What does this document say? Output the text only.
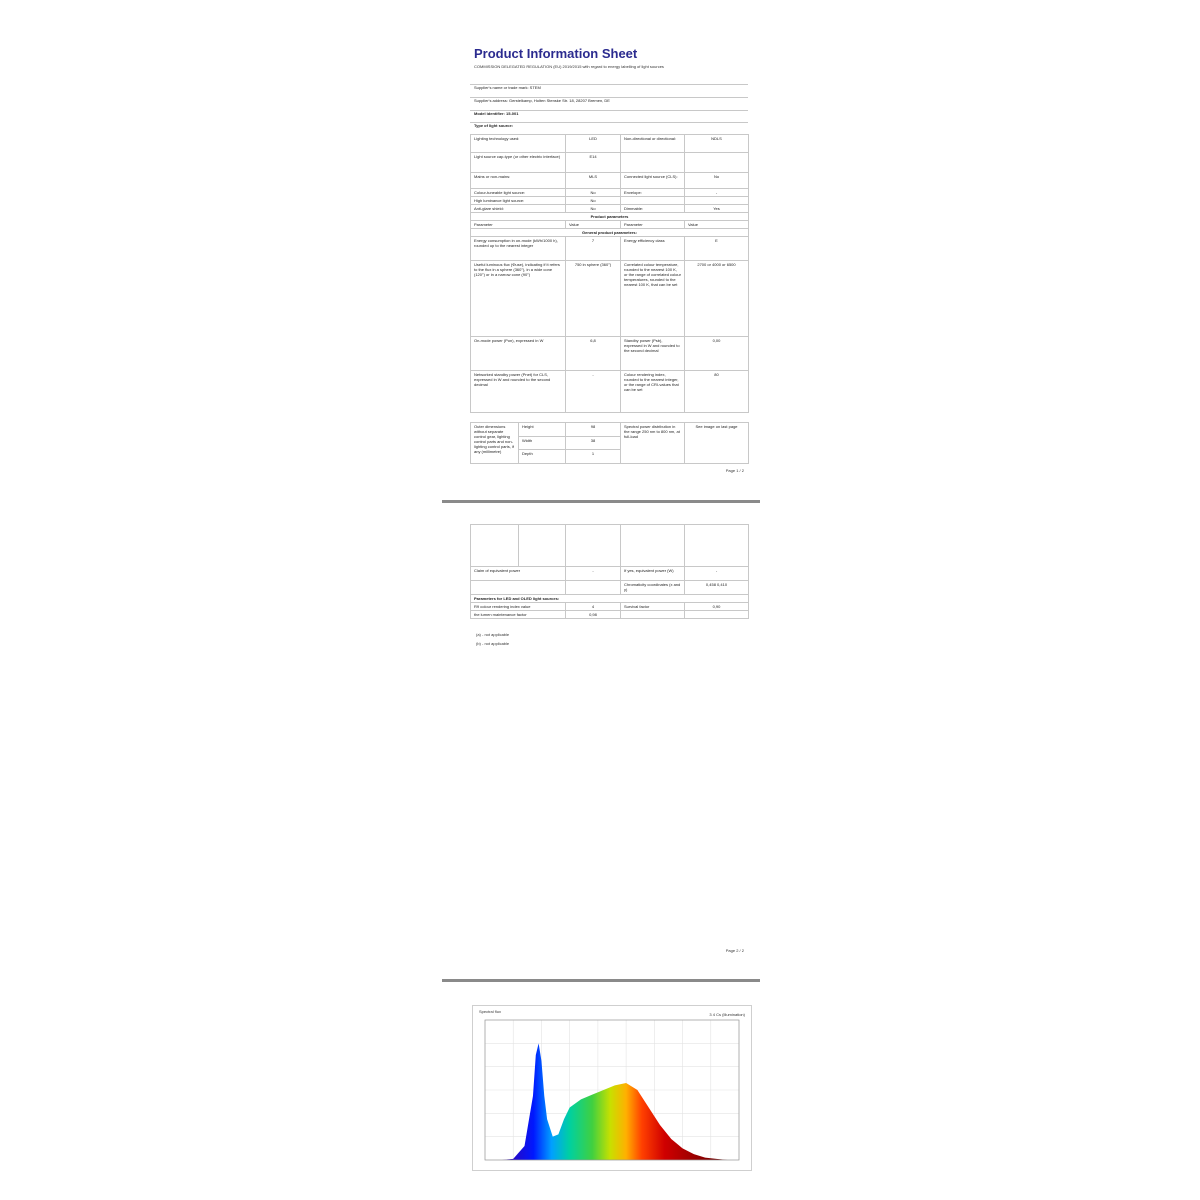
Product Information Sheet
COMMISSION DELEGATED REGULATION (EU) 2019/2015 with regard to energy labelling of light sources
Supplier's name or trade mark: STEM
Supplier's address: Gerstelkamp, Holten Stenske Str. 18, 28207 Bremen, DE
Model identifier: 15-001
Type of light source:
Lighting technology used:	LED	Non-directional or directional:	NDLS
Light source cap-type (or other electric interface)	E14		
Mains or non-mains:	MLS	Connected light source (CLS):	No
Colour-tuneable light source:	No	Envelope:	-
High luminance light source:	No		
Anti-glare shield:	No	Dimmable:	Yes
Product parameters			
Parameter	Value	Parameter	Value
General product parameters:			
Energy consumption in on-mode (kWh/1000 h), rounded up to the nearest integer	7	Energy efficiency class	E
Useful luminous flux (Φuse), indicating if it refers to the flux in a sphere (360°), in a wide cone (120°) or in a narrow cone (90°)	750 in sphere (360°)	Correlated colour temperature, rounded to the nearest 100 K, or the range of correlated colour temperatures, rounded to the nearest 100 K, that can be set	2700 or 4000 or 6500
On-mode power (Pon), expressed in W	6,8	Standby power (Psb), expressed in W and rounded to the second decimal	0,00
Networked standby power (Pnet) for CLS, expressed in W and rounded to the second decimal	-	Colour rendering index, rounded to the nearest integer, or the range of CRI-values that can be set	80
Outer dimensions without separate control gear, lighting control parts and non-lighting control parts, if any (millimetre)	Height	98	Spectral power distribution in the range 250 nm to 800 nm, at full-load	See image on last page
	Width	38		
	Depth	1		
Page 1 / 2

Claim of equivalent power		-	If yes, equivalent power (W)	-
			Chromaticity coordinates (x and y)	0,458 0,410
Parameters for LED and OLED light sources:				
R9 colour rendering index value		4	Survival factor	0,90
the lumen maintenance factor		0,98		
Page 2 / 2
(a) - not applicable
(b) - not applicable
Spectral flux
3 4 Cs (Illumination)
